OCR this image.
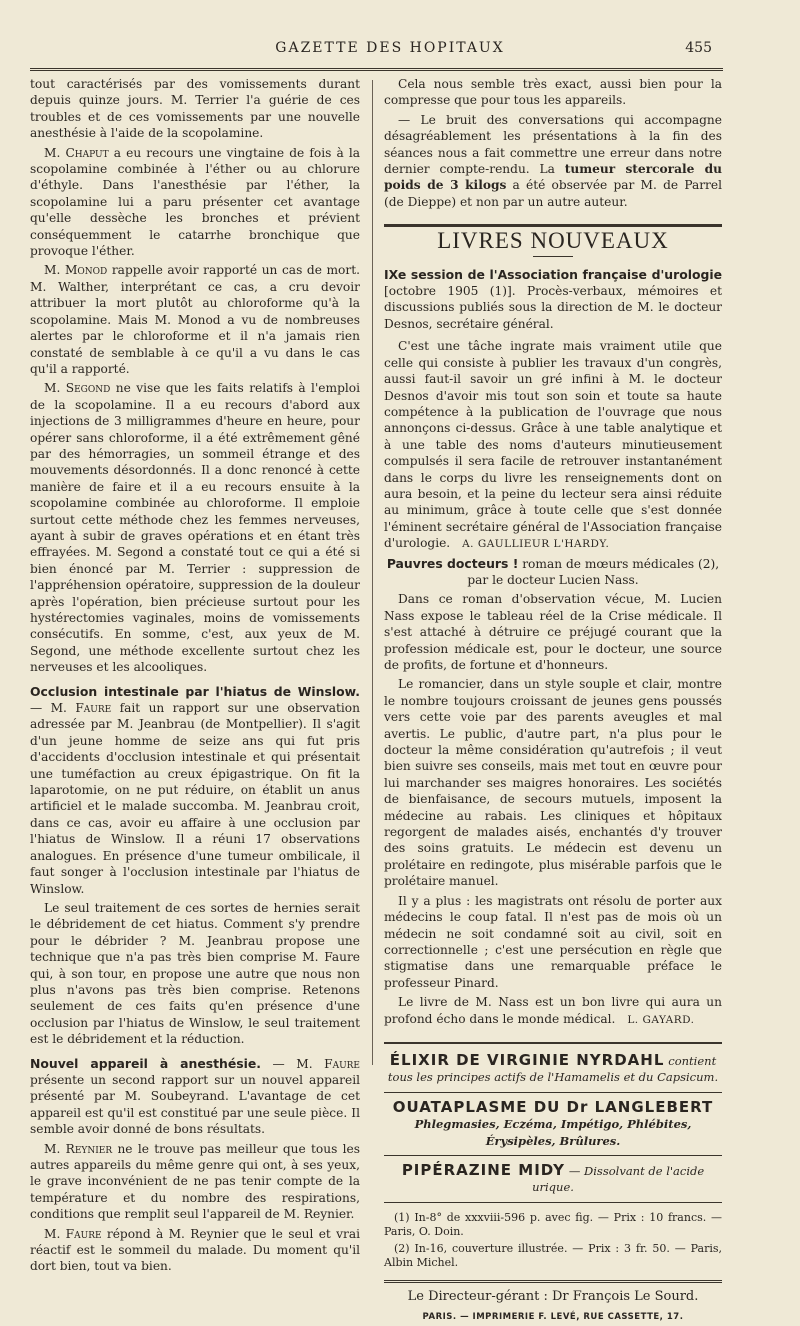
GAZETTE DES HOPITAUX	455

tout caractérisés par des vomissements durant depuis quinze jours. M. Terrier l'a guérie de ces troubles et de ces vomissements par une nouvelle anesthésie à l'aide de la scopolamine.

M. Chaput a eu recours une vingtaine de fois à la scopolamine combinée à l'éther ou au chlorure d'éthyle. Dans l'anesthésie par l'éther, la scopolamine lui a paru présenter cet avantage qu'elle dessèche les bronches et prévient conséquemment le catarrhe bronchique que provoque l'éther.

M. Monod rappelle avoir rapporté un cas de mort. M. Walther, interprétant ce cas, a cru devoir attribuer la mort plutôt au chloroforme qu'à la scopolamine. Mais M. Monod a vu de nombreuses alertes par le chloroforme et il n'a jamais rien constaté de semblable à ce qu'il a vu dans le cas qu'il a rapporté.

M. Segond ne vise que les faits relatifs à l'emploi de la scopolamine. Il a eu recours d'abord aux injections de 3 milligrammes d'heure en heure, pour opérer sans chloroforme, il a été extrêmement gêné par des hémorragies, un sommeil étrange et des mouvements désordonnés. Il a donc renoncé à cette manière de faire et il a eu recours ensuite à la scopolamine combinée au chloroforme. Il emploie surtout cette méthode chez les femmes nerveuses, ayant à subir de graves opérations et en étant très effrayées. M. Segond a constaté tout ce qui a été si bien énoncé par M. Terrier : suppression de l'appréhension opératoire, suppression de la douleur après l'opération, bien précieuse surtout pour les hystérectomies vaginales, moins de vomissements consécutifs. En somme, c'est, aux yeux de M. Segond, une méthode excellente surtout chez les nerveuses et les alcooliques.

Occlusion intestinale par l'hiatus de Winslow. — M. Faure fait un rapport sur une observation adressée par M. Jeanbrau (de Montpellier). Il s'agit d'un jeune homme de seize ans qui fut pris d'accidents d'occlusion intestinale et qui présentait une tuméfaction au creux épigastrique. On fit la laparotomie, on ne put réduire, on établit un anus artificiel et le malade succomba. M. Jeanbrau croit, dans ce cas, avoir eu affaire à une occlusion par l'hiatus de Winslow. Il a réuni 17 observations analogues. En présence d'une tumeur ombilicale, il faut songer à l'occlusion intestinale par l'hiatus de Winslow.

Le seul traitement de ces sortes de hernies serait le débridement de cet hiatus. Comment s'y prendre pour le débrider ? M. Jeanbrau propose une technique que n'a pas très bien comprise M. Faure qui, à son tour, en propose une autre que nous non plus n'avons pas très bien comprise. Retenons seulement de ces faits qu'en présence d'une occlusion par l'hiatus de Winslow, le seul traitement est le débridement et la réduction.

Nouvel appareil à anesthésie. — M. Faure présente un second rapport sur un nouvel appareil présenté par M. Soubeyrand. L'avantage de cet appareil est qu'il est constitué par une seule pièce. Il semble avoir donné de bons résultats.

M. Reynier ne le trouve pas meilleur que tous les autres appareils du même genre qui ont, à ses yeux, le grave inconvénient de ne pas tenir compte de la température et du nombre des respirations, conditions que remplit seul l'appareil de M. Reynier.

M. Faure répond à M. Reynier que le seul et vrai réactif est le sommeil du malade. Du moment qu'il dort bien, tout va bien.

Cela nous semble très exact, aussi bien pour la compresse que pour tous les appareils.

— Le bruit des conversations qui accompagne désagréablement les présentations à la fin des séances nous a fait commettre une erreur dans notre dernier compte-rendu. La tumeur stercorale du poids de 3 kilogs a été observée par M. de Parrel (de Dieppe) et non par un autre auteur.

LIVRES NOUVEAUX

IXe session de l'Association française d'urologie [octobre 1905 (1)]. Procès-verbaux, mémoires et discussions publiés sous la direction de M. le docteur Desnos, secrétaire général.

C'est une tâche ingrate mais vraiment utile que celle qui consiste à publier les travaux d'un congrès, aussi faut-il savoir un gré infini à M. le docteur Desnos d'avoir mis tout son soin et toute sa haute compétence à la publication de l'ouvrage que nous annonçons ci-dessus. Grâce à une table analytique et à une table des noms d'auteurs minutieusement compulsés il sera facile de retrouver instantanément dans le corps du livre les renseignements dont on aura besoin, et la peine du lecteur sera ainsi réduite au minimum, grâce à toute celle que s'est donnée l'éminent secrétaire général de l'Association française d'urologie. A. GAULLIEUR L'HARDY.

Pauvres docteurs ! roman de mœurs médicales (2), par le docteur Lucien Nass.

Dans ce roman d'observation vécue, M. Lucien Nass expose le tableau réel de la Crise médicale. Il s'est attaché à détruire ce préjugé courant que la profession médicale est, pour le docteur, une source de profits, de fortune et d'honneurs.

Le romancier, dans un style souple et clair, montre le nombre toujours croissant de jeunes gens poussés vers cette voie par des parents aveugles et mal avertis. Le public, d'autre part, n'a plus pour le docteur la même considération qu'autrefois ; il veut bien suivre ses conseils, mais met tout en œuvre pour lui marchander ses maigres honoraires. Les sociétés de bienfaisance, de secours mutuels, imposent la médecine au rabais. Les cliniques et hôpitaux regorgent de malades aisés, enchantés d'y trouver des soins gratuits. Le médecin est devenu un prolétaire en redingote, plus misérable parfois que le prolétaire manuel.

Il y a plus : les magistrats ont résolu de porter aux médecins le coup fatal. Il n'est pas de mois où un médecin ne soit condamné soit au civil, soit en correctionnelle ; c'est une persécution en règle que stigmatise dans une remarquable préface le professeur Pinard.

Le livre de M. Nass est un bon livre qui aura un profond écho dans le monde médical. L. GAYARD.

ÉLIXIR DE VIRGINIE NYRDAHL contient
tous les principes actifs de l'Hamamelis et du Capsicum.
OUATAPLASME DU Dr LANGLEBERT
Phlegmasies, Eczéma, Impétigo, Phlébites, Érysipèles, Brûlures.
PIPÉRAZINE MIDY — Dissolvant de l'acide urique.

(1) In-8° de xxxviii-596 p. avec fig. — Prix : 10 francs. — Paris, O. Doin.

(2) In-16, couverture illustrée. — Prix : 3 fr. 50. — Paris, Albin Michel.

Le Directeur-gérant : Dr François Le Sourd.
PARIS. — IMPRIMERIE F. LEVÉ, RUE CASSETTE, 17.
